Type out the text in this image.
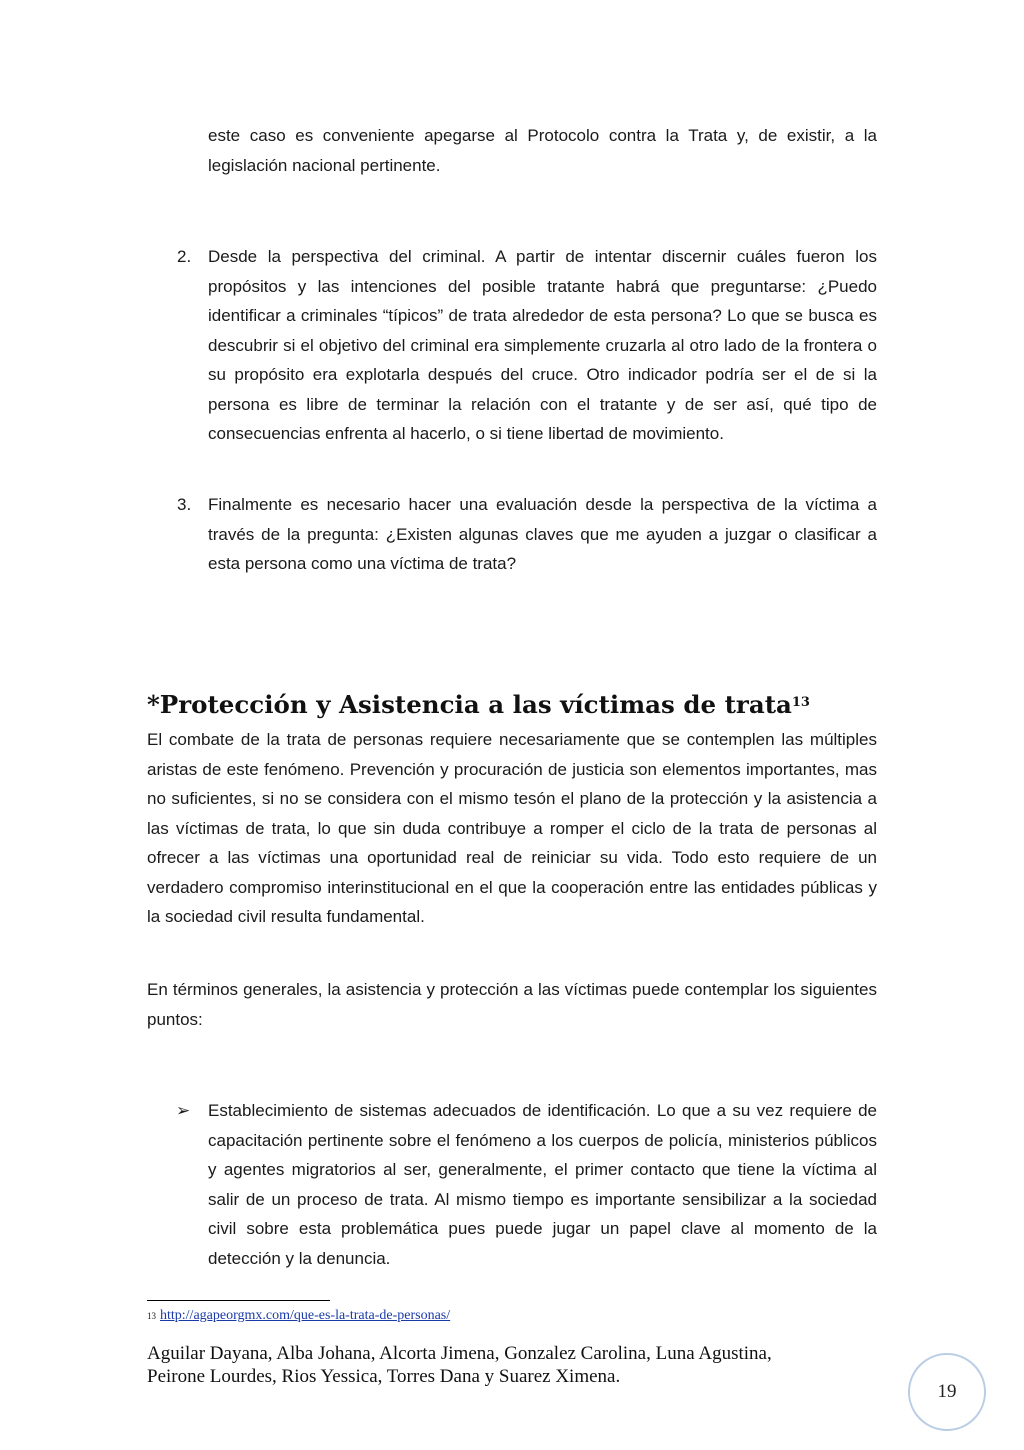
este caso es conveniente apegarse al Protocolo contra la Trata y, de existir, a la legislación nacional pertinente.

2. Desde la perspectiva del criminal. A partir de intentar discernir cuáles fueron los propósitos y las intenciones del posible tratante habrá que preguntarse: ¿Puedo identificar a criminales “típicos” de trata alrededor de esta persona? Lo que se busca es descubrir si el objetivo del criminal era simplemente cruzarla al otro lado de la frontera o su propósito era explotarla después del cruce. Otro indicador podría ser el de si la persona es libre de terminar la relación con el tratante y de ser así, qué tipo de consecuencias enfrenta al hacerlo, o si tiene libertad de movimiento.
3. Finalmente es necesario hacer una evaluación desde la perspectiva de la víctima a través de la pregunta: ¿Existen algunas claves que me ayuden a juzgar o clasificar a esta persona como una víctima de trata?
*Protección y Asistencia a las víctimas de trata$^{13}$

El combate de la trata de personas requiere necesariamente que se contemplen las múltiples aristas de este fenómeno. Prevención y procuración de justicia son elementos importantes, mas no suficientes, si no se considera con el mismo tesón el plano de la protección y la asistencia a las víctimas de trata, lo que sin duda contribuye a romper el ciclo de la trata de personas al ofrecer a las víctimas una oportunidad real de reiniciar su vida. Todo esto requiere de un verdadero compromiso interinstitucional en el que la cooperación entre las entidades públicas y la sociedad civil resulta fundamental.

En términos generales, la asistencia y protección a las víctimas puede contemplar los siguientes puntos:

➢ Establecimiento de sistemas adecuados de identificación. Lo que a su vez requiere de capacitación pertinente sobre el fenómeno a los cuerpos de policía, ministerios públicos y agentes migratorios al ser, generalmente, el primer contacto que tiene la víctima al salir de un proceso de trata. Al mismo tiempo es importante sensibilizar a la sociedad civil sobre esta problemática pues puede jugar un papel clave al momento de la detección y la denuncia.
$^{13}$ http://agapeorgmx.com/que-es-la-trata-de-personas/
Aguilar Dayana, Alba Johana, Alcorta Jimena, Gonzalez Carolina, Luna Agustina,
Peirone Lourdes, Rios Yessica, Torres Dana y Suarez Ximena.
19
